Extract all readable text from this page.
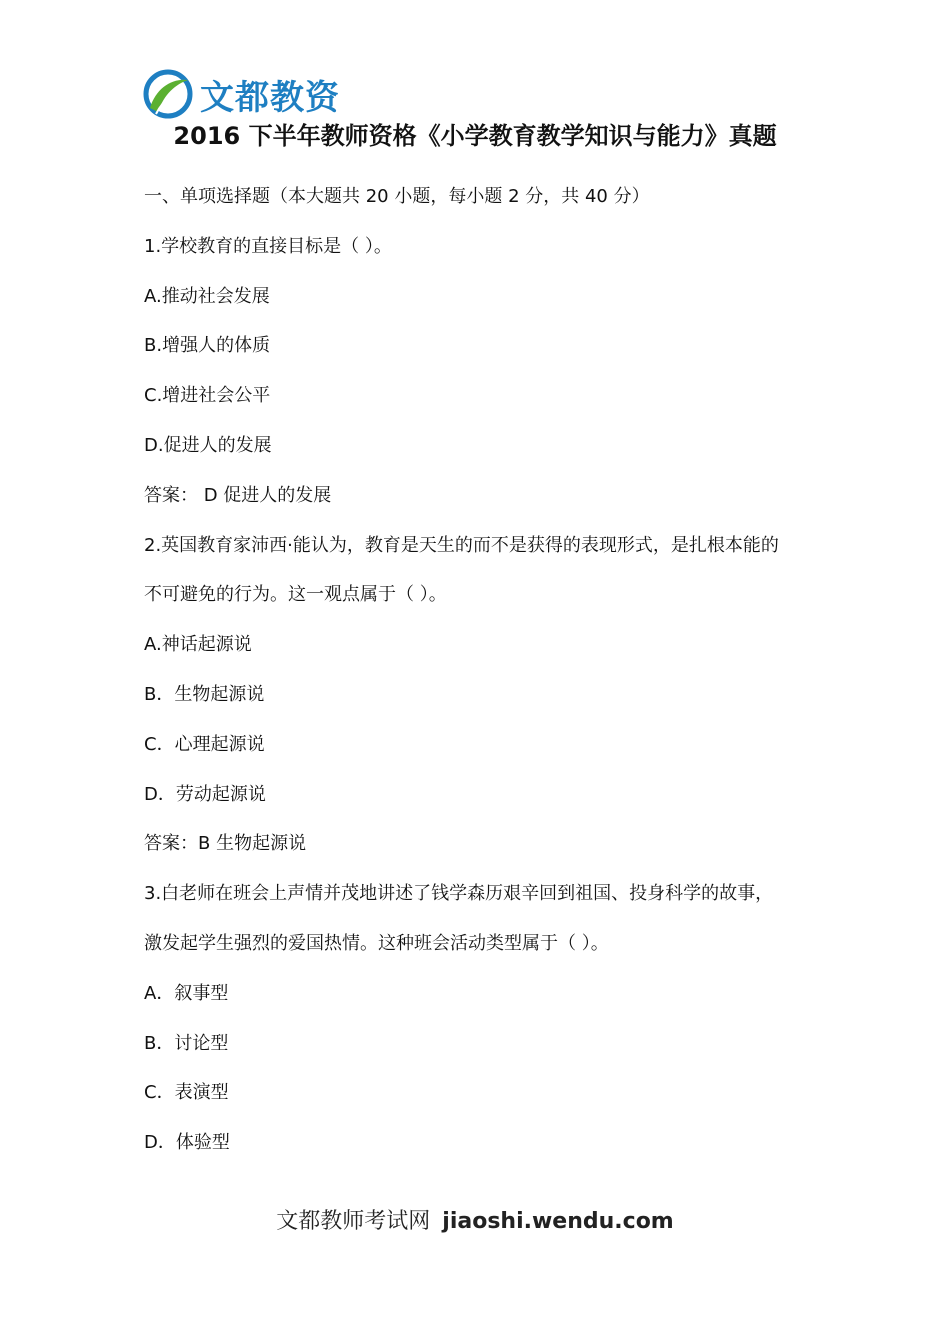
文都教资
2016 下半年教师资格《小学教育教学知识与能力》真题
一、单项选择题（本大题共 20 小题，每小题 2 分，共 40 分）
1.学校教育的直接目标是（ ）。
A.推动社会发展
B.增强人的体质
C.增进社会公平
D.促进人的发展
答案： D 促进人的发展
2.英国教育家沛西·能认为，教育是天生的而不是获得的表现形式，是扎根本能的
不可避免的行为。这一观点属于（ ）。
A.神话起源说
B．生物起源说
C．心理起源说
D．劳动起源说
答案：B 生物起源说
3.白老师在班会上声情并茂地讲述了钱学森历艰辛回到祖国、投身科学的故事，
激发起学生强烈的爱国热情。这种班会活动类型属于（ ）。
A．叙事型
B．讨论型
C．表演型
D．体验型
文都教师考试网 jiaoshi.wendu.com
